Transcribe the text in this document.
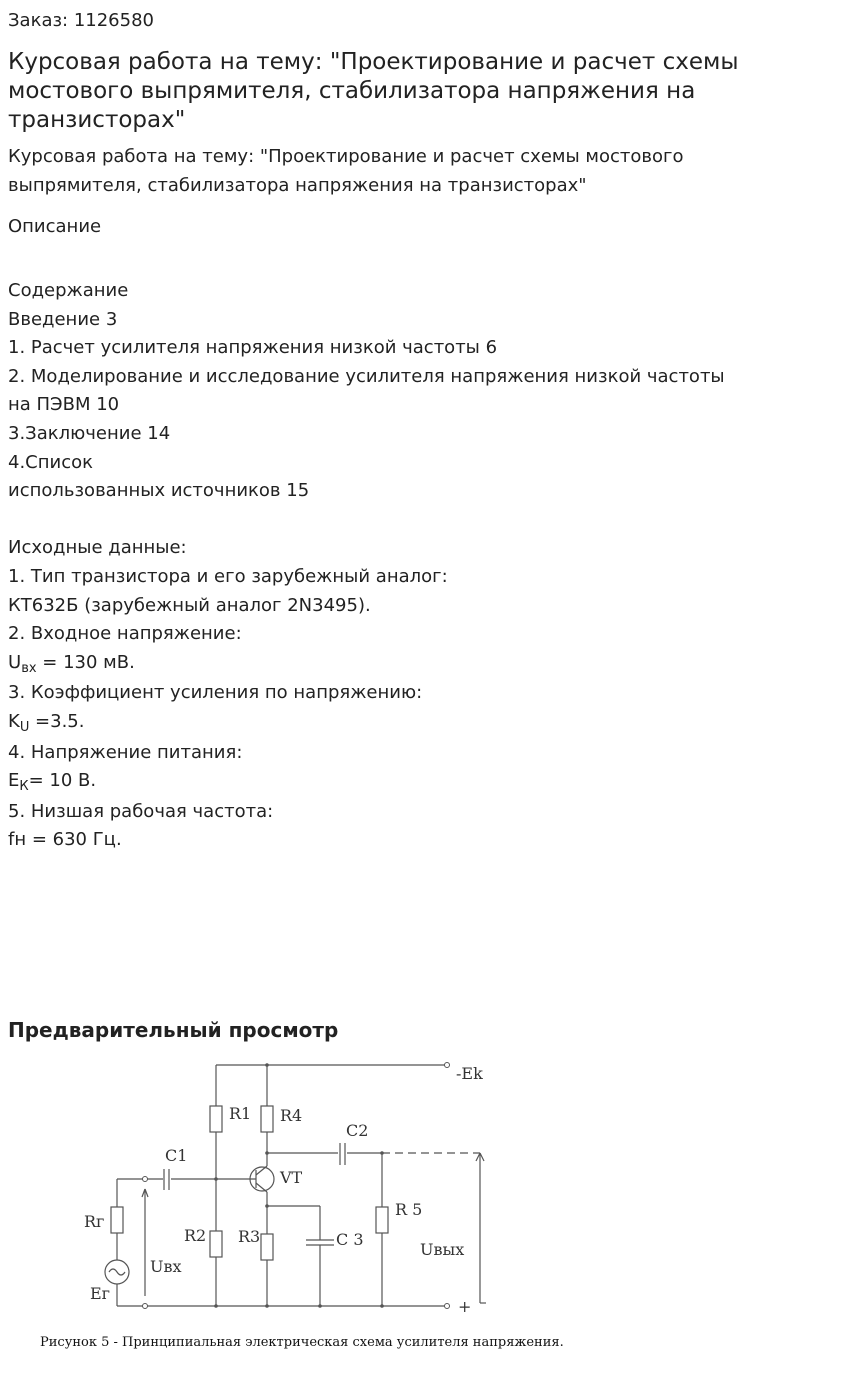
Заказ: 1126580
Курсовая работа на тему: "Проектирование и расчет схемы мостового выпрямителя, стабилизатора напряжения на транзисторах"
Курсовая работа на тему: "Проектирование и расчет схемы мостового выпрямителя, стабилизатора напряжения на транзисторах"
Описание
Содержание
Введение 3
1. Расчет усилителя напряжения низкой частоты 6
2. Моделирование и исследование усилителя напряжения низкой частоты
на ПЭВМ 10
3.Заключение 14
4.Список
использованных источников 15

Исходные данные:
1. Тип транзистора и его зарубежный аналог:
КТ632Б (зарубежный аналог 2N3495).
2. Входное напряжение:
$U_{вх} = 130$ мВ.
3. Коэффициент усиления по напряжению:
$K_U =3.5$.
4. Напряжение питания:
$E_К= 10$ В.
5. Низшая рабочая частота:
fн = 630 Гц.
Предварительный просмотр
-Ek
R1 R4
C2
C1
VT
Rг
R 5
R2 R3	C 3
Uвых
Uвх
Eг
+
Рисунок 5 - Принципиальная электрическая схема усилителя напряжения.
